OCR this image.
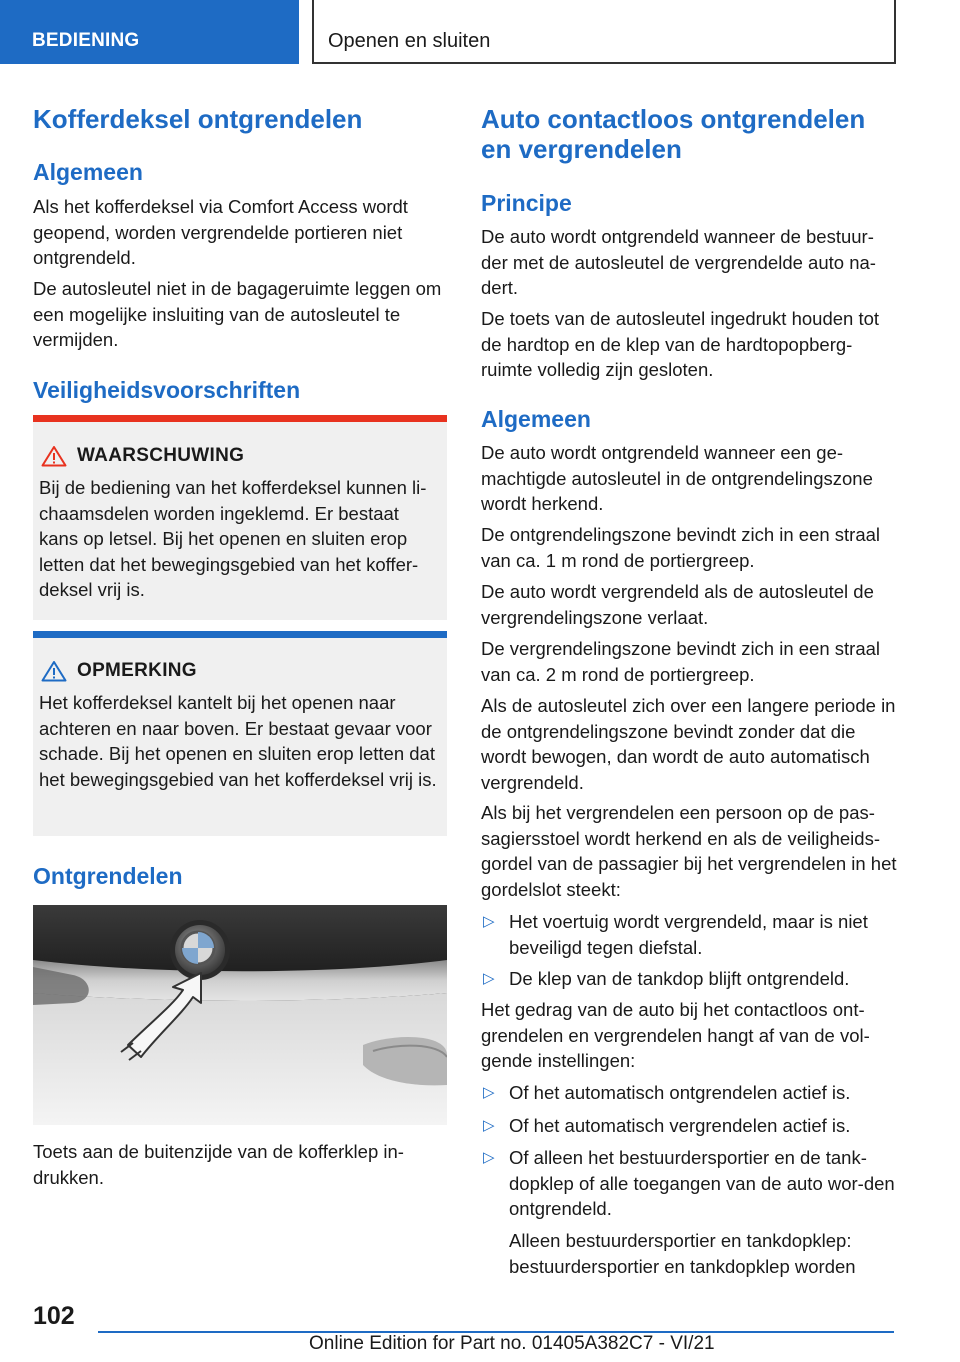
BEDIENING	Openen en sluiten
Kofferdeksel ontgrendelen
Algemeen

Als het kofferdeksel via Comfort Access wordt geopend, worden vergrendelde portieren niet ontgrendeld.

De autosleutel niet in de bagageruimte leggen om een mogelijke insluiting van de autosleutel te vermijden.

Veiligheidsvoorschriften
WAARSCHUWING
Bij de bediening van het kofferdeksel kunnen li-chaamsdelen worden ingeklemd. Er bestaat kans op letsel. Bij het openen en sluiten erop letten dat het bewegingsgebied van het koffer-deksel vrij is.
OPMERKING
Het kofferdeksel kantelt bij het openen naar achteren en naar boven. Er bestaat gevaar voor schade. Bij het openen en sluiten erop letten dat het bewegingsgebied van het kofferdeksel vrij is.
Ontgrendelen

Toets aan de buitenzijde van de kofferklep in-drukken.

Auto contactloos ontgrendelen en vergrendelen
Principe

De auto wordt ontgrendeld wanneer de bestuur-der met de autosleutel de vergrendelde auto na-dert.

De toets van de autosleutel ingedrukt houden tot de hardtop en de klep van de hardtopopberg-ruimte volledig zijn gesloten.

Algemeen

De auto wordt ontgrendeld wanneer een ge-machtigde autosleutel in de ontgrendelingszone wordt herkend.

De ontgrendelingszone bevindt zich in een straal van ca. 1 m rond de portiergreep.

De auto wordt vergrendeld als de autosleutel de vergrendelingszone verlaat.

De vergrendelingszone bevindt zich in een straal van ca. 2 m rond de portiergreep.

Als de autosleutel zich over een langere periode in de ontgrendelingszone bevindt zonder dat die wordt bewogen, dan wordt de auto automatisch vergrendeld.

Als bij het vergrendelen een persoon op de pas-sagiersstoel wordt herkend en als de veiligheids-gordel van de passagier bij het vergrendelen in het gordelslot steekt:

▷ Het voertuig wordt vergrendeld, maar is niet beveiligd tegen diefstal.
▷ De klep van de tankdop blijft ontgrendeld.

Het gedrag van de auto bij het contactloos ont-grendelen en vergrendelen hangt af van de vol-gende instellingen:

▷ Of het automatisch ontgrendelen actief is.
▷ Of het automatisch vergrendelen actief is.
▷ Of alleen het bestuurdersportier en de tank-dopklep of alle toegangen van de auto wor-den ontgrendeld.

Alleen bestuurdersportier en tankdopklep: bestuurdersportier en tankdopklep worden

102
Online Edition for Part no. 01405A382C7 - VI/21
